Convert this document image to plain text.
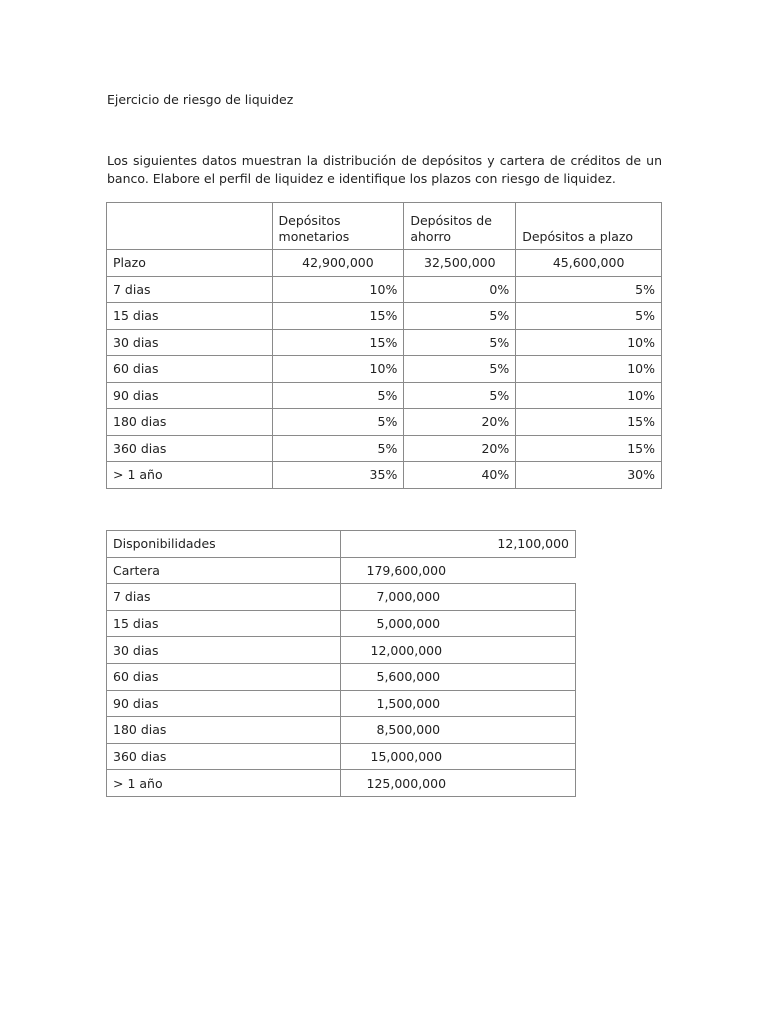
Ejercicio de riesgo de liquidez
Los siguientes datos muestran la distribución de depósitos y cartera de créditos de un banco. Elabore el perfil de liquidez e identifique los plazos con riesgo de liquidez.
	Depósitos monetarios	Depósitos de ahorro	Depósitos a plazo
Plazo	42,900,000	32,500,000	45,600,000
7 dias	10%	0%	5%
15 dias	15%	5%	5%
30 dias	15%	5%	10%
60 dias	10%	5%	10%
90 dias	5%	5%	10%
180 dias	5%	20%	15%
360 dias	5%	20%	15%
> 1 año	35%	40%	30%
Disponibilidades	12,100,000
Cartera	179,600,000
7 dias	7,000,000
15 dias	5,000,000
30 dias	12,000,000
60 dias	5,600,000
90 dias	1,500,000
180 dias	8,500,000
360 dias	15,000,000
> 1 año	125,000,000
